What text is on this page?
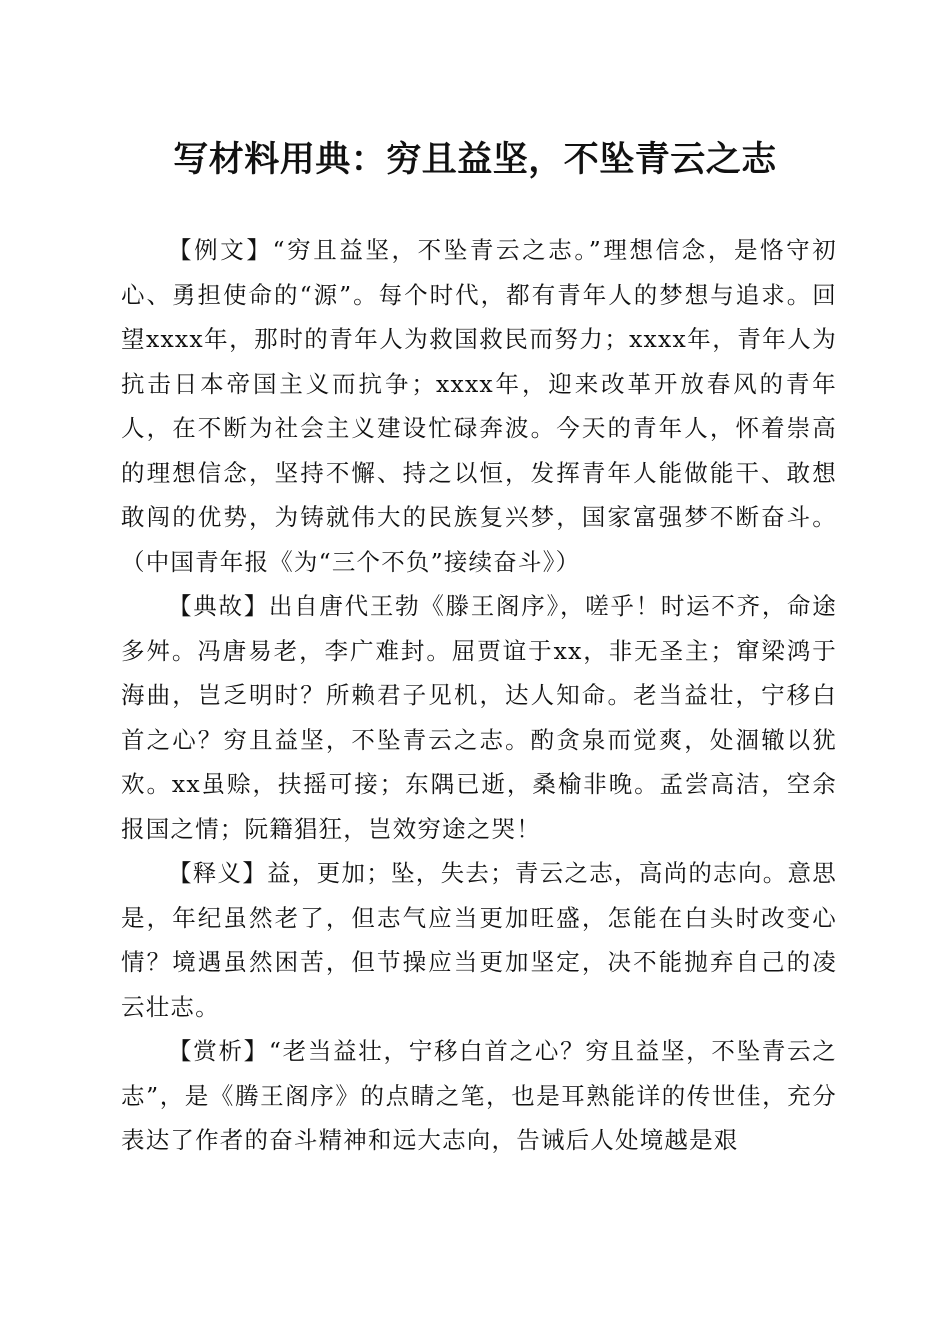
写材料用典：穷且益坚，不坠青云之志

【例文】“穷且益坚，不坠青云之志。”理想信念，是恪守初心、勇担使命的“源”。每个时代，都有青年人的梦想与追求。回望xxxx年，那时的青年人为救国救民而努力；xxxx年，青年人为抗击日本帝国主义而抗争；xxxx年，迎来改革开放春风的青年人，在不断为社会主义建设忙碌奔波。今天的青年人，怀着崇高的理想信念，坚持不懈、持之以恒，发挥青年人能做能干、敢想敢闯的优势，为铸就伟大的民族复兴梦，国家富强梦不断奋斗。（中国青年报《为“三个不负”接续奋斗》）

【典故】出自唐代王勃《滕王阁序》，嗟乎！时运不齐，命途多舛。冯唐易老，李广难封。屈贾谊于xx，非无圣主；窜梁鸿于海曲，岂乏明时？所赖君子见机，达人知命。老当益壮，宁移白首之心？穷且益坚，不坠青云之志。酌贪泉而觉爽，处涸辙以犹欢。xx虽赊，扶摇可接；东隅已逝，桑榆非晚。孟尝高洁，空余报国之情；阮籍猖狂，岂效穷途之哭！

【释义】益，更加；坠，失去；青云之志，高尚的志向。意思是，年纪虽然老了，但志气应当更加旺盛，怎能在白头时改变心情？境遇虽然困苦，但节操应当更加坚定，决不能抛弃自己的凌云壮志。

【赏析】“老当益壮，宁移白首之心？穷且益坚，不坠青云之志”，是《腾王阁序》的点睛之笔，也是耳熟能详的传世佳，充分表达了作者的奋斗精神和远大志向，告诫后人处境越是艰
